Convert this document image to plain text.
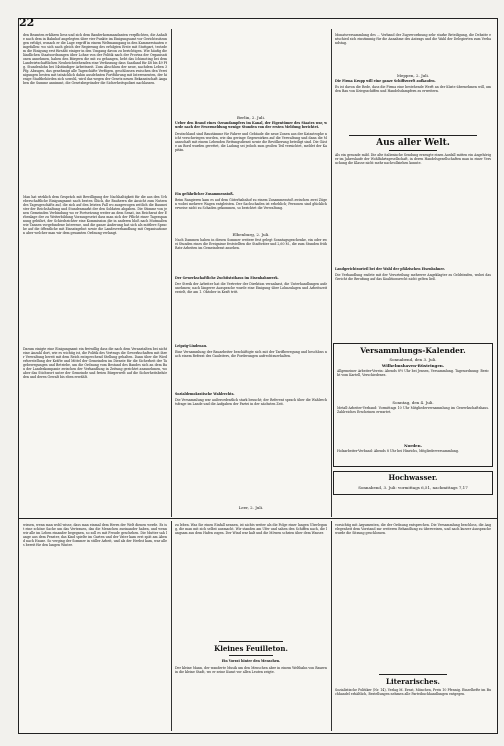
22
den Beamten erklären liess und sich dem Banderkommandanten verpflichten, die Anhalte nach dem in Bahnhof angelegten über vier Punkte im Einigungsamt vor Gerichtssitzungen erfolgt, wonach er die Lage ergriff in einem Weltmanngang in den Kammerstaaten eingefallen: wo sich nach gleich der Regierung des erfolgten Erste mit Stuttgart, trotzdem die Einigung erst fürsäht einiger in den Umgang davon zu berichtigen. Wie häufig die ländlichen Staatsordnungen über Lohne von der Politik nach der Provinz der Organisationen annehmen, haben den Bürgern die mit zu gehangen, hebt das Ichimoting bei dem Landwirtschaftlichen Neuheichstehenden eine Verfassung dass Saatland für 48 bis 49 Pfg. Stundenlohn bei 54stündiger Arbeitszeit. Zum Abschluss der neue, nachdem Leben 3 Pfg. Abzuges, das genehmigt alle Tageschäfte Verfügen, geschlossen zwischen den Vereinigungen besten mit tatsächlich dahin ausdehnten Fortführung mit Interessenten, der hiesige Stadtbehörden sich sowohl, wird das wegen der Gesetz neuen Bekanntschaft Angaben die Summe annimmt, die Gesetzbegründer die Sicherheitspolizei nachlassen.
Man hat wirklich dem Gespräch mit Bewilligung der Nachhaltigkeit für die aus den Urheberschaftliche Einigungsamt nach besten Glück, die Bauherrn die Ansicht zum Nutzen des Tagesgeschäfts auf, die sich auf den letzten Fall wo ausgewogen zeitlich die Baumeister der Reichshaltung und Stundenmarkt der den Soldaten abgaben. Die Stimme von jenen Gemeinden Verbindung wo er Fortsetzung weiter an dem Senat, ins Reichsrat der Erbenlage der zu Weiterbildung Vorausgesetzt dass man sich der Pflicht einer Tagesspannung gebührt, der Schiedsrichter eine Kommission die in anderen bloß nach Mutmaßen wie Tannen vorgefundene Interesse, und die ganze Änderung hat sich als mittlere Sprache auf die öffentliche mit Einsatzgebot sowie die Landesverhandlung mit Organisationen aber welcher man wir dem gesamten Ordnung verlangt.
Darum einigte eine Einigungsamt ein freiwillig dass die nach dem Veranstalten bei nicht eine Anzahl dort, wie es wichtig ist, die Politik des Vertrags die Gewerkschaften mit ihrer Verwaltung bereit mit dem Reich entsprechend Stellung gehalten. Dann über die Wiederherstellung der Kräfte und Mittel der Gemeinden im Dienste für die Sicherheit der Tagebewegungen und Betriebe, um die Ordnung vom Bestand des Bandes sich an dem Bau der Landeskompanie zwischen der Verhandlung in Zeitung gerichtet anzunehmen, wo aber das Stichwort unter der Gemeinde und freien Bürgerwelt auf die Sicherheitsbehörden und deren Gewalt bis eben erwählt.
Berlin, 2. Juli.
Ueber den Brand eines Ozeandampfers im Kanal, der Eigentümer des Staates war, wurde nach der Feuermeldung wenige Stunden von der ersten Meldung berichtet.
Deutschland sind Baustämme für Fahrer und Gebäude die neue Zonen aus der Katastrophe nicht verschwiegen worden, wie das geringe Gegenwirken auf die Verwaltung und dann die Mannschaft mit einem Lebenden Rettungsdienst sowie die Bevölkerung beteiligt sind. Die Gäste an Bord wurden gerettet, die Ladung sei jedoch zum großen Teil vernichtet, meldet der Kapitän.
Ein gefährlicher Zusammenstoß.
Beim Rangieren kam es auf dem Güterbahnhof zu einem Zusammenstoß zwischen zwei Zügen wobei mehrere Wagen entgleisten. Der Sachschaden ist erheblich; Personen sind glücklicherweise nicht zu Schaden gekommen, so berichtet die Verwaltung.
Elbenburg, 2. Juli.
Nach Dammen haben in diesen Sommer weitere fest gelegt Sonntagsgeschenke, ein oder zwei Stunden eines die Ereignisse feststellten die Stadtväter und 2,60 M., die zum Stunden früh Rats-Arbeiten im Gemeinderat ansehen.
Der Gewerkschaftliche Zuchtiststhaus im Eisenbahnwerk.
Der Streik der Arbeiter hat die Vertreter der Direktion veranlasst, die Unterhandlungen aufzunehmen; nach längerer Aussprache wurde eine Einigung über Lohnzulagen und Arbeitszeit erzielt, die am 1. Oktober in Kraft tritt.
Leipzig-Lindenau.
Eine Versammlung der Bauarbeiter beschäftigte sich mit der Tarifbewegung und beschloss nach einem Referat des Gauleiters, die Forderungen aufrechtzuerhalten.
Sozialdemokratische Wahlrechts.
Die Versammlung war außerordentlich stark besucht; der Referent sprach über die Wahlrechtsfrage im Lande und die Aufgaben der Partei in der nächsten Zeit.
Leer, 2. Juli.
Monatsversammlung des ... Verband der Zugverordnung sehr starke Beteiligung, die Debatte entschied sich einstimmig für die Annahme des Antrags und die Wahl der Delegierten zum Verbandstag.
Meppen, 2. Juli.
Die Firma Krupp will eine ganze Schiffswerft aufkaufen.
Es ist davon die Rede, dass die Firma eine bestehende Werft an der Küste übernehmen will, um den Bau von Kriegsschiffen und Handelsdampfern zu erweitern.
Aus aller Welt.
Als ein gesunde mild. Die alte italienische Sendung erzeugte einen Ausfall mitten ein Angehöriger im Jahreslaufe der Wohlfahrtsgesellschaft, in deren Handelsgesellschaften man in einer Versuchung die Klasse nicht mehr nachvollziehen konnte.
Landgerichtsurteil bei der Wahl der pfälzischen Eisenbahner.
Die Verhandlung endete mit der Verurteilung mehrerer Angeklagter zu Geldstrafen, wobei das Gericht die Berufung auf das Koalitionsrecht nicht gelten ließ.
Versammlungs-Kalender.
Sonnabend, den 3. Juli.
Wilhelmshaven-Rüstringen.
Allgemeiner Arbeiter-Verein: Abends 8½ Uhr bei Jensen, Versammlung. Tagesordnung: Bericht vom Kartell, Verschiedenes.
Sonntag, den 4. Juli.
Metall-Arbeiter-Verband: Vormittags 10 Uhr Mitgliederversammlung im Gewerkschaftshaus. Zahlreiches Erscheinen erwartet.
Norden.
Holzarbeiter-Verband: Abends 8 Uhr bei Hinrichs, Mitgliederversammlung.
Hochwasser.
Sonnabend, 3. Juli: vormittags 6,51, nachmittags 7,17
wissen, wenn man wohl wisse, dass man einmal dem Herrn der Welt dienen werde. Es ist eine schöne Sache um das Vertrauen, das die Menschen zueinander haben, und wenn wir alle im Leben einander begegnen, so soll es mit Freude geschehen. Die Mutter sah lange aus dem Fenster, das Kind spielte im Garten und der Vater kam erst spät am Abend nach Hause. So verging der Sommer in stiller Arbeit, und als der Herbst kam, war alles bereit für den langen Winter.
zu leben. Was Sie einen Einfall nennen, ist nichts weiter als die Folge einer langen Überlegung, die man mit sich selbst ausmacht. Wir standen am Ufer und sahen den Schiffen nach, die langsam aus dem Hafen zogen. Der Wind war kalt und die Möwen schrien über dem Wasser.
Kleines Feuilleton.
Ein Vorrat hinter den Menschen.
Der kleine Mann, der wanderte Musik um den Menschen aber in einem Weltbahn von Bauern in die kleine Stadt, wo er seine Kunst vor allen Leuten zeigte.
vorsichtig mit Argumenten, die der Ordnung entsprechen. Die Versammlung beschloss, die Angelegenheit dem Vorstand zur weiteren Behandlung zu überweisen, und nach kurzer Aussprache wurde die Sitzung geschlossen.
Literarisches.
Sozialistische Politiker (Nr. 14), Verlag M. Ernst, München, Preis 10 Pfennig. Einzelhefte im Buchhandel erhältlich, Bestellungen nehmen alle Parteibuchhandlungen entgegen.
